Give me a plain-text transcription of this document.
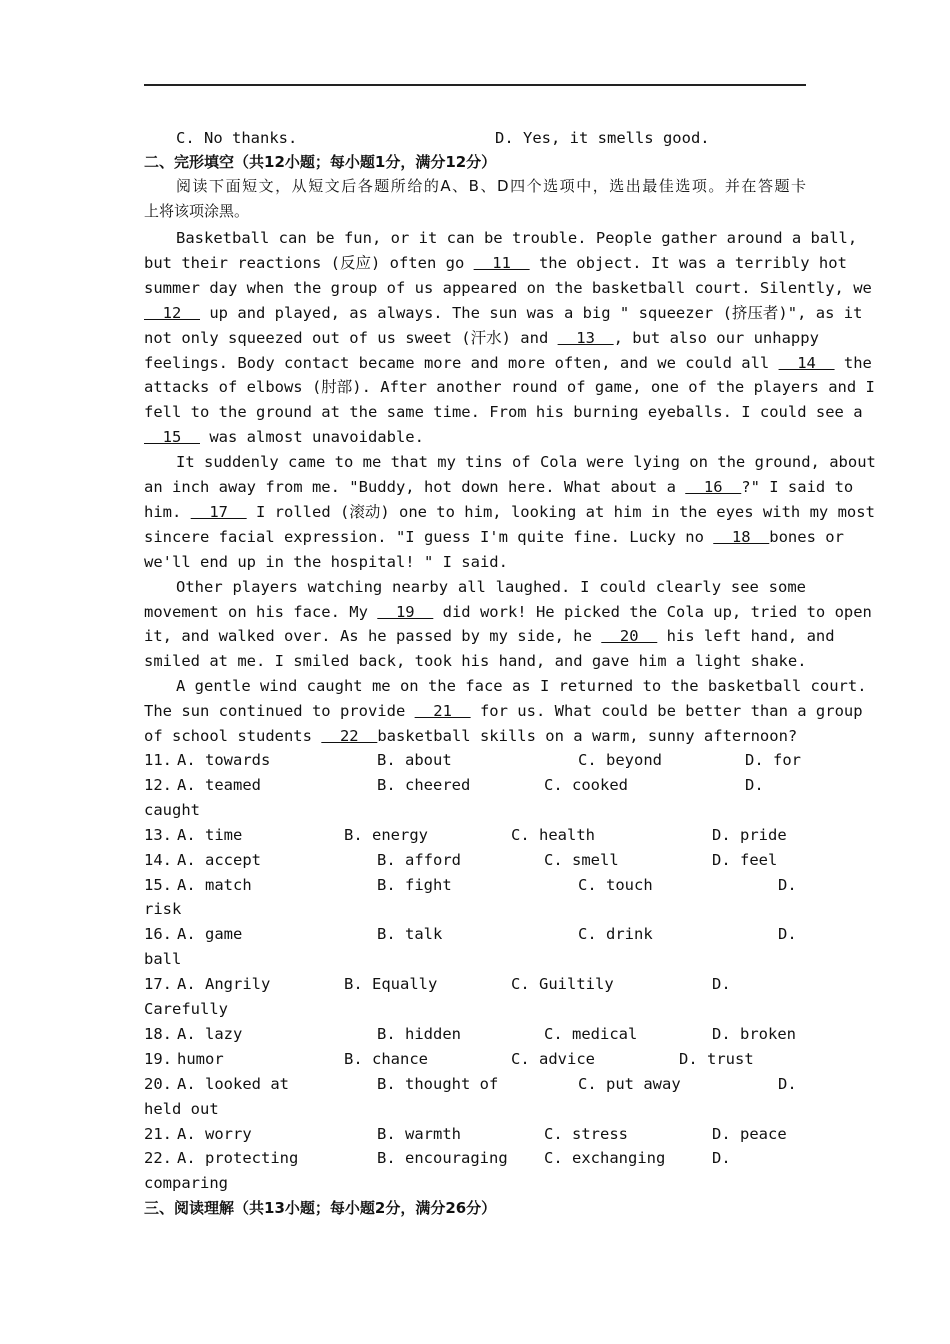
C. No thanks.	D. Yes, it smells good.
二、完形填空（共12小题；每小题1分，满分12分）
阅读下面短文，从短文后各题所给的A、B、D四个选项中，选出最佳选项。并在答题卡
上将该项涂黑。
三、阅读理解（共13小题；每小题2分，满分26分）
Basketball can be fun, or it can be trouble. People gather around a ball,
but their reactions (反应) often go   11   the object. It was a terribly hot
summer day when the group of us appeared on the basketball court. Silently, we
12   up and played, as always. The sun was a big " squeezer (挤压者)", as it
not only squeezed out of us sweet (汗水) and   13  , but also our unhappy
feelings. Body contact became more and more often, and we could all   14   the
attacks of elbows (肘部). After another round of game, one of the players and I
fell to the ground at the same time. From his burning eyeballs. I could see a
15   was almost unavoidable.
It suddenly came to me that my tins of Cola were lying on the ground, about
an inch away from me. "Buddy, hot down here. What about a   16  ?" I said to
him.   17   I rolled (滚动) one to him, looking at him in the eyes with my most
sincere facial expression. "I guess I'm quite fine. Lucky no   18  bones or
we'll end up in the hospital! " I said.
Other players watching nearby all laughed. I could clearly see some
movement on his face. My   19   did work! He picked the Cola up, tried to open
it, and walked over. As he passed by my side, he   20   his left hand, and
smiled at me. I smiled back, took his hand, and gave him a light shake.
A gentle wind caught me on the face as I returned to the basketball court.
The sun continued to provide   21   for us. What could be better than a group
of school students   22  basketball skills on a warm, sunny afternoon?
11. A. towards	B. about	C. beyond	D. for
12. A. teamed	B. cheered	C. cooked	D.
caught
13. A. time	B. energy	C. health	D. pride
14. A. accept	B. afford	C. smell	D. feel
15. A. match	B. fight	C. touch	D.
risk
16. A. game	B. talk	C. drink	D.
ball
17. A. Angrily	B. Equally	C. Guiltily	D.
Carefully
18. A. lazy	B. hidden	C. medical	D. broken
19. humor	B. chance	C. advice	D. trust
20. A. looked at	B. thought of	C. put away	D.
held out
21. A. worry	B. warmth	C. stress	D. peace
22. A. protecting	B. encouraging C. exchanging	D.
comparing
